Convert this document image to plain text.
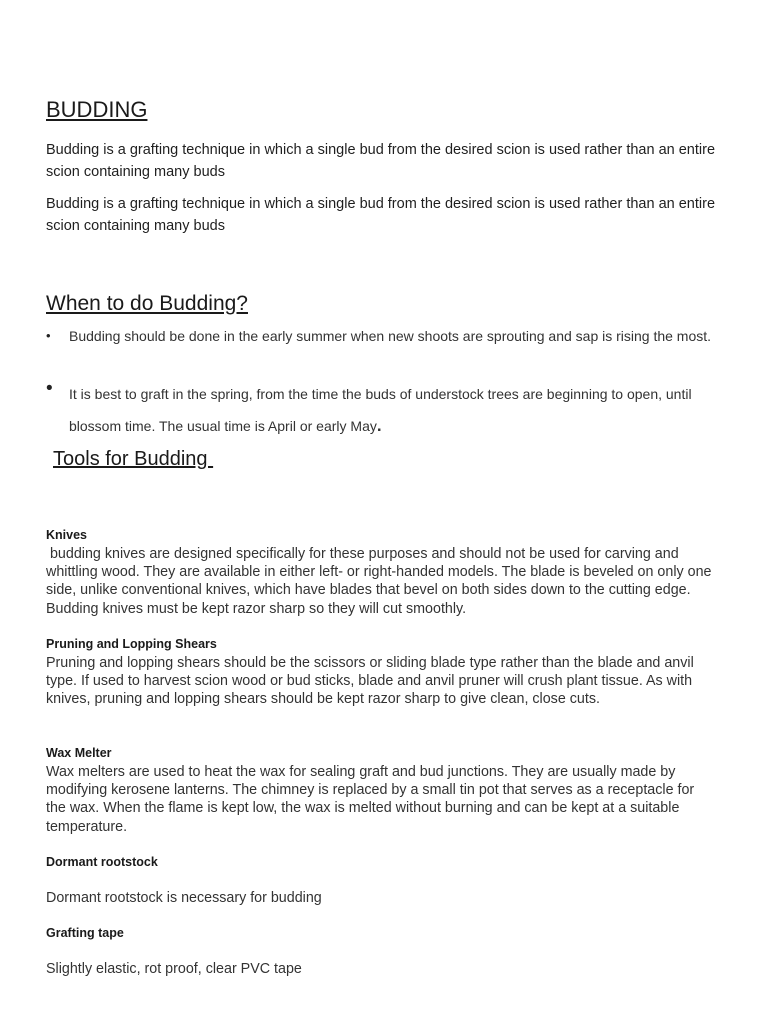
BUDDING

Budding is a grafting technique in which a single bud from the desired scion is used rather than an entire scion containing many buds

Budding is a grafting technique in which a single bud from the desired scion is used rather than an entire scion containing many buds

When to do Budding?
• Budding should be done in the early summer when new shoots are sprouting and sap is rising the most.
• It is best to graft in the spring, from the time the buds of understock trees are beginning to open, until blossom time. The usual time is April or early May.
Tools for Budding
Knives
budding knives are designed specifically for these purposes and should not be used for carving and whittling wood. They are available in either left- or right-handed models. The blade is beveled on only one side, unlike conventional knives, which have blades that bevel on both sides down to the cutting edge. Budding knives must be kept razor sharp so they will cut smoothly.
Pruning and Lopping Shears
Pruning and lopping shears should be the scissors or sliding blade type rather than the blade and anvil type. If used to harvest scion wood or bud sticks, blade and anvil pruner will crush plant tissue. As with knives, pruning and lopping shears should be kept razor sharp to give clean, close cuts.
Wax Melter
Wax melters are used to heat the wax for sealing graft and bud junctions. They are usually made by modifying kerosene lanterns. The chimney is replaced by a small tin pot that serves as a receptacle for the wax. When the flame is kept low, the wax is melted without burning and can be kept at a suitable temperature.
Dormant rootstock
Dormant rootstock is necessary for budding
Grafting tape
Slightly elastic, rot proof, clear PVC tape
